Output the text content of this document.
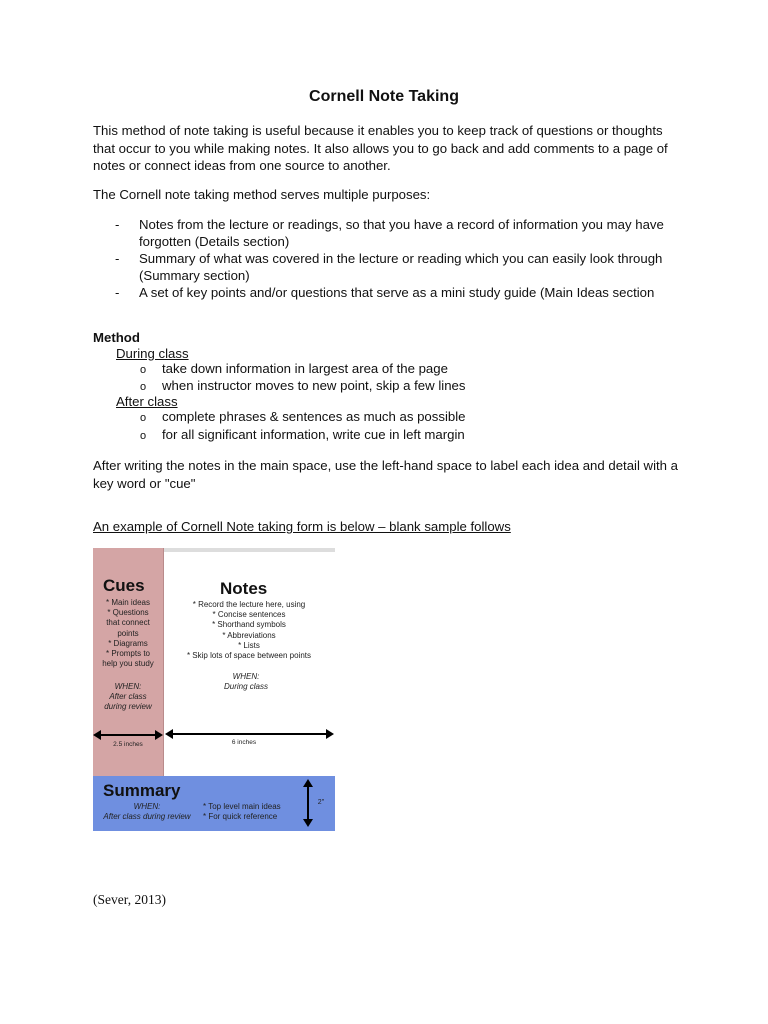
Cornell Note Taking

This method of note taking is useful because it enables you to keep track of questions or thoughts that occur to you while making notes. It also allows you to go back and add comments to a page of notes or connect ideas from one source to another.

The Cornell note taking method serves multiple purposes:

- Notes from the lecture or readings, so that you have a record of information you may have forgotten (Details section)
- Summary of what was covered in the lecture or reading which you can easily look through (Summary section)
- A set of key points and/or questions that serve as a mini study guide (Main Ideas section
Method
During class
o take down information in largest area of the page
o when instructor moves to new point, skip a few lines
After class
o complete phrases & sentences as much as possible
o for all significant information, write cue in left margin

After writing the notes in the main space, use the left-hand space to label each idea and detail with a key word or "cue"

An example of Cornell Note taking form is below – blank sample follows
Cues
* Main ideas
* Questions
that connect
points
* Diagrams
* Prompts to
help you study
WHEN:
After class
during review
Notes
* Record the lecture here, using
* Concise sentences
* Shorthand symbols
* Abbreviations
* Lists
* Skip lots of space between points
WHEN:
During class
2.5 inches	6 inches
Summary
WHEN:
After class during review
* Top level main ideas
* For quick reference
2"
(Sever, 2013)
